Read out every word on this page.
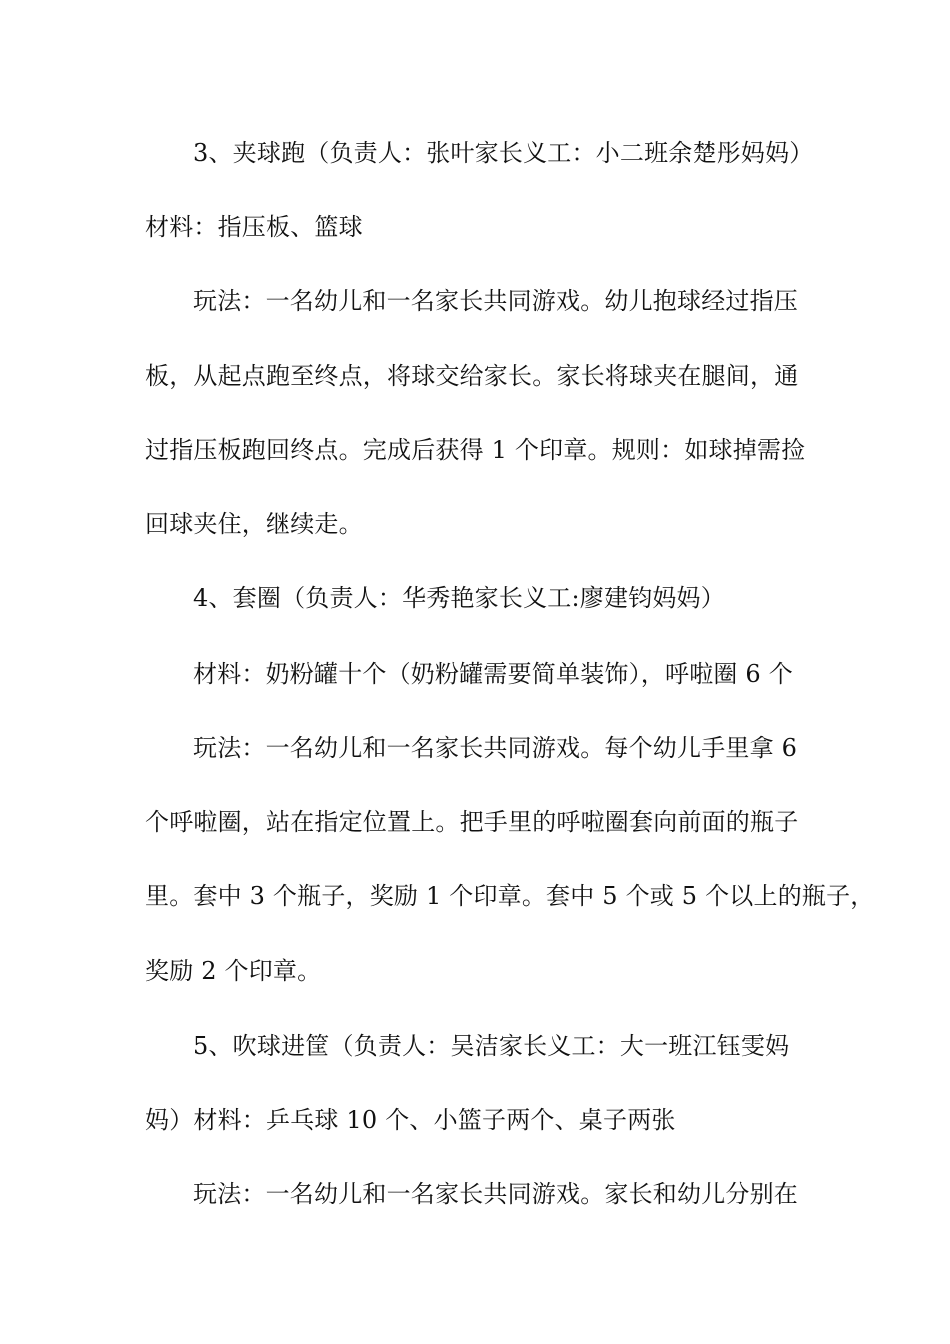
3、夹球跑（负责人：张叶家长义工：小二班余楚彤妈妈）
材料：指压板、篮球
玩法：一名幼儿和一名家长共同游戏。幼儿抱球经过指压
板，从起点跑至终点，将球交给家长。家长将球夹在腿间，通
过指压板跑回终点。完成后获得 1 个印章。规则：如球掉需捡
回球夹住，继续走。
4、套圈（负责人：华秀艳家长义工:廖建钧妈妈）
材料：奶粉罐十个（奶粉罐需要简单装饰），呼啦圈 6 个
玩法：一名幼儿和一名家长共同游戏。每个幼儿手里拿 6
个呼啦圈，站在指定位置上。把手里的呼啦圈套向前面的瓶子
里。套中 3 个瓶子，奖励 1 个印章。套中 5 个或 5 个以上的瓶子，
奖励 2 个印章。
5、吹球进筐（负责人：吴洁家长义工：大一班江钰雯妈
妈）材料：乒乓球 10 个、小篮子两个、桌子两张
玩法：一名幼儿和一名家长共同游戏。家长和幼儿分别在
